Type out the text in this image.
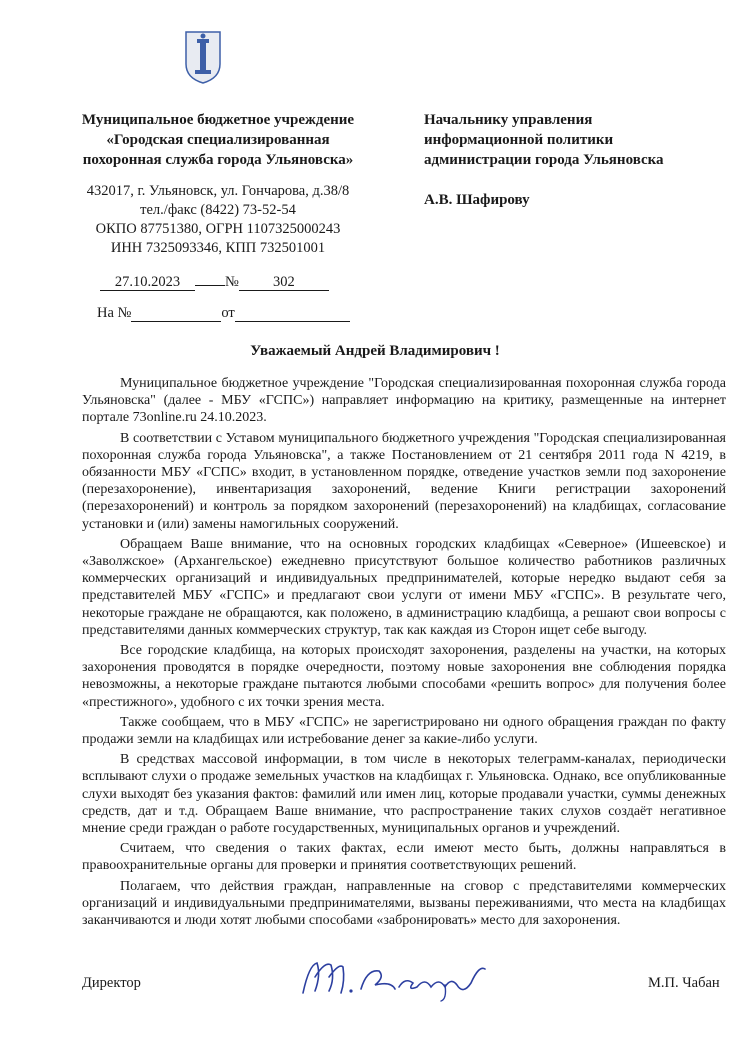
Муниципальное бюджетное учреждение
«Городская специализированная
похоронная служба города Ульяновска»
432017, г. Ульяновск, ул. Гончарова, д.38/8
тел./факс (8422) 73-52-54
ОКПО 87751380, ОГРН 1107325000243
ИНН 7325093346, КПП 732501001
Начальнику управления
информационной политики
администрации города Ульяновска
А.В. Шафирову
27.10.2023	№ 302
На №	от
Уважаемый Андрей Владимирович !

Муниципальное бюджетное учреждение "Городская специализированная похоронная служба города Ульяновска" (далее - МБУ «ГСПС») направляет информацию на критику, размещенные на интернет портале 73online.ru 24.10.2023.

В соответствии с Уставом муниципального бюджетного учреждения "Городская специализированная похоронная служба города Ульяновска", а также Постановлением от 21 сентября 2011 года N 4219, в обязанности МБУ «ГСПС» входит, в установленном порядке, отведение участков земли под захоронение (перезахоронение), инвентаризация захоронений, ведение Книги регистрации захоронений (перезахоронений) и контроль за порядком захоронений (перезахоронений) на кладбищах, согласование установки и (или) замены намогильных сооружений.

Обращаем Ваше внимание, что на основных городских кладбищах «Северное» (Ишеевское) и «Заволжское» (Архангельское) ежедневно присутствуют большое количество работников различных коммерческих организаций и индивидуальных предпринимателей, которые нередко выдают себя за представителей МБУ «ГСПС» и предлагают свои услуги от имени МБУ «ГСПС». В результате чего, некоторые граждане не обращаются, как положено, в администрацию кладбища, а решают свои вопросы с представителями данных коммерческих структур, так как каждая из Сторон ищет себе выгоду.

Все городские кладбища, на которых происходят захоронения, разделены на участки, на которых захоронения проводятся в порядке очередности, поэтому новые захоронения вне соблюдения порядка невозможны, а некоторые граждане пытаются любыми способами «решить вопрос» для получения более «престижного», удобного с их точки зрения места.

Также сообщаем, что в МБУ «ГСПС» не зарегистрировано ни одного обращения граждан по факту продажи земли на кладбищах или истребование денег за какие-либо услуги.

В средствах массовой информации, в том числе в некоторых телеграмм-каналах, периодически всплывают слухи о продаже земельных участков на кладбищах г. Ульяновска. Однако, все опубликованные слухи выходят без указания фактов: фамилий или имен лиц, которые продавали участки, суммы денежных средств, дат и т.д. Обращаем Ваше внимание, что распространение таких слухов создаёт негативное мнение среди граждан о работе государственных, муниципальных органов и учреждений.

Считаем, что сведения о таких фактах, если имеют место быть, должны направляться в правоохранительные органы для проверки и принятия соответствующих решений.

Полагаем, что действия граждан, направленные на сговор с представителями коммерческих организаций и индивидуальными предпринимателями, вызваны переживаниями, что места на кладбищах заканчиваются и люди хотят любыми способами «забронировать» место для захоронения.

Директор	М.П. Чабан
